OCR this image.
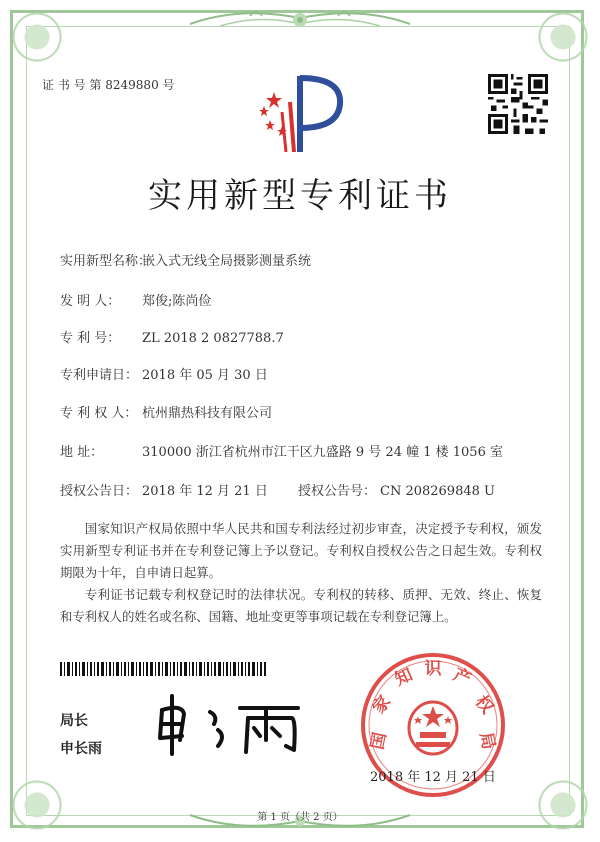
证 书 号 第 8249880 号
实用新型专利证书
实用新型名称：嵌入式无线全局摄影测量系统
发 明 人： 郑俊;陈尚俭
专 利 号： ZL 2018 2 0827788.7
专利申请日： 2018 年 05 月 30 日
专 利 权 人： 杭州鼎热科技有限公司
地 址：	310000 浙江省杭州市江干区九盛路 9 号 24 幢 1 楼 1056 室
授权公告日： 2018 年 12 月 21 日 授权公告号： CN 208269848 U
国家知识产权局依照中华人民共和国专利法经过初步审查，决定授予专利权，颁发实用新型专利证书并在专利登记簿上予以登记。专利权自授权公告之日起生效。专利权期限为十年，自申请日起算。
专利证书记载专利权登记时的法律状况。专利权的转移、质押、无效、终止、恢复和专利权人的姓名或名称、国籍、地址变更等事项记载在专利登记簿上。
局长
申长雨	国
家
知 识 产
权
局
2018 年 12 月 21 日
第 1 页（共 2 页）
